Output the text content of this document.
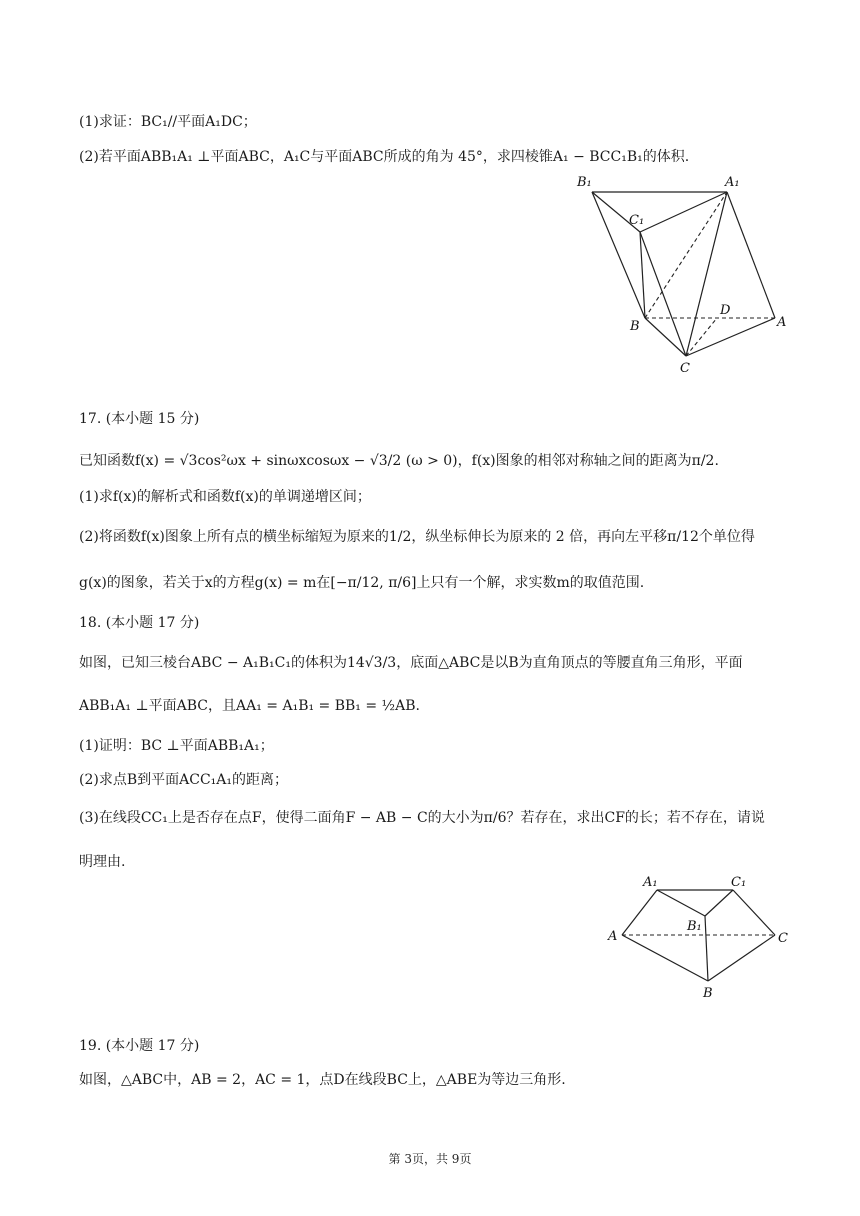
(1)求证：BC₁//平面A₁DC；
(2)若平面ABB₁A₁ ⊥平面ABC，A₁C与平面ABC所成的角为 45°，求四棱锥A₁ − BCC₁B₁的体积.
B₁	A₁
C₁
D
B	A
C
17. (本小题 15 分)
已知函数f(x) = √3cos²ωx + sinωxcosωx − √3/2 (ω > 0)，f(x)图象的相邻对称轴之间的距离为π/2.
(1)求f(x)的解析式和函数f(x)的单调递增区间；
(2)将函数f(x)图象上所有点的横坐标缩短为原来的1/2，纵坐标伸长为原来的 2 倍，再向左平移π/12个单位得
g(x)的图象，若关于x的方程g(x) = m在[−π/12, π/6]上只有一个解，求实数m的取值范围.
18. (本小题 17 分)
如图，已知三棱台ABC − A₁B₁C₁的体积为14√3/3，底面△ABC是以B为直角顶点的等腰直角三角形，平面
ABB₁A₁ ⊥平面ABC，且AA₁ = A₁B₁ = BB₁ = ½AB.
(1)证明：BC ⊥平面ABB₁A₁；
(2)求点B到平面ACC₁A₁的距离；
(3)在线段CC₁上是否存在点F，使得二面角F − AB − C的大小为π/6？若存在，求出CF的长；若不存在，请说
明理由.
A₁	C₁
B₁
A	C
B
19. (本小题 17 分)
如图，△ABC中，AB = 2，AC = 1，点D在线段BC上，△ABE为等边三角形.
第 3页，共 9页
